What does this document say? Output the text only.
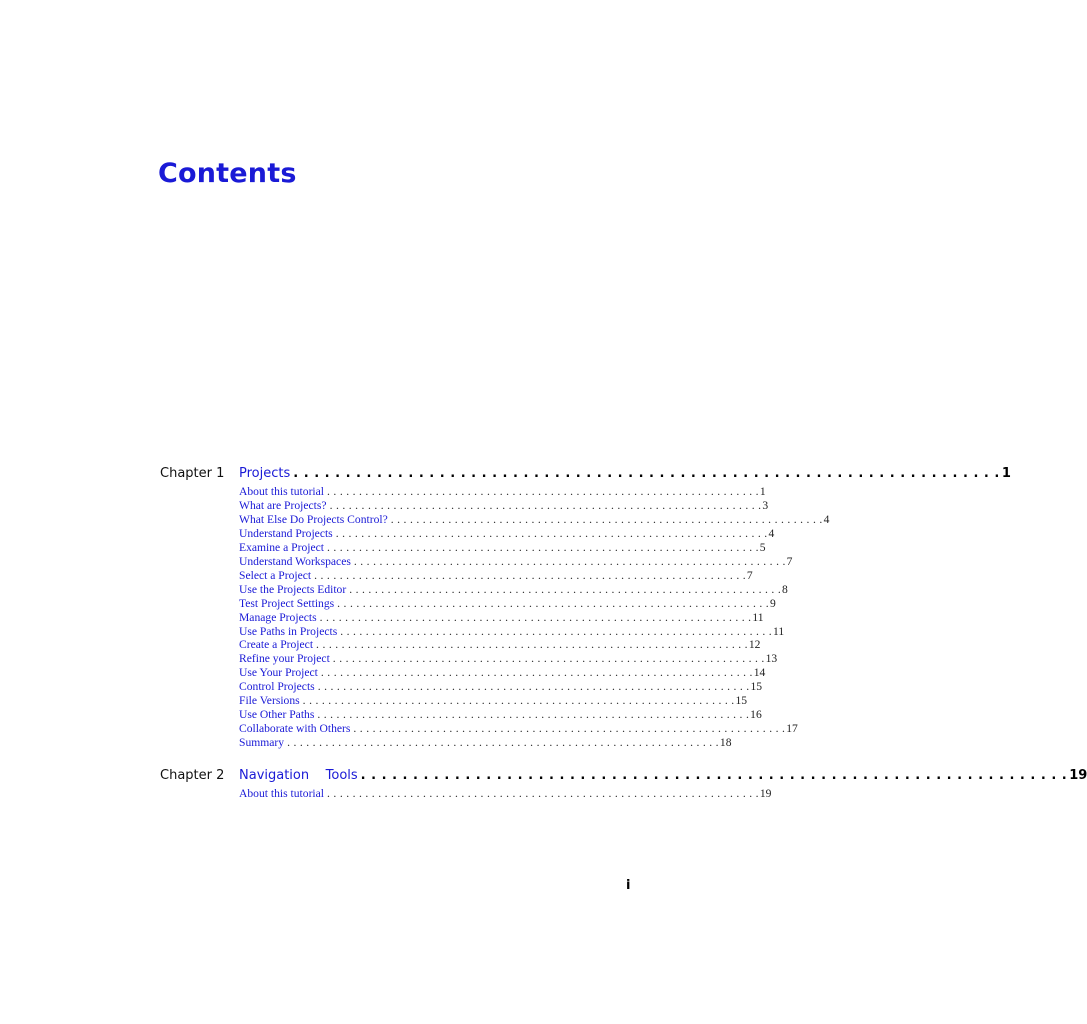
Contents
Chapter 1 Projects . . . . . . . . . . . . . . . . . . . . . . . . . . . . . . . . . . . . . . . . . . . . . . . . . . . . . . . . . . . . . . . . . . . . 1
About this tutorial . . . . . . . . . . . . . . . . . . . . . . . . . . . . . . . . . . . . . . . . . . . . . . . . . . . . . . . . . . . . . . . . . . . . 1
What are Projects? . . . . . . . . . . . . . . . . . . . . . . . . . . . . . . . . . . . . . . . . . . . . . . . . . . . . . . . . . . . . . . . . . . . . 3
What Else Do Projects Control? . . . . . . . . . . . . . . . . . . . . . . . . . . . . . . . . . . . . . . . . . . . . . . . . . . . . . . . . . . . . . . . . . . . . 4
Understand Projects . . . . . . . . . . . . . . . . . . . . . . . . . . . . . . . . . . . . . . . . . . . . . . . . . . . . . . . . . . . . . . . . . . . . 4
Examine a Project . . . . . . . . . . . . . . . . . . . . . . . . . . . . . . . . . . . . . . . . . . . . . . . . . . . . . . . . . . . . . . . . . . . . 5
Understand Workspaces . . . . . . . . . . . . . . . . . . . . . . . . . . . . . . . . . . . . . . . . . . . . . . . . . . . . . . . . . . . . . . . . . . . . 7
Select a Project . . . . . . . . . . . . . . . . . . . . . . . . . . . . . . . . . . . . . . . . . . . . . . . . . . . . . . . . . . . . . . . . . . . . 7
Use the Projects Editor . . . . . . . . . . . . . . . . . . . . . . . . . . . . . . . . . . . . . . . . . . . . . . . . . . . . . . . . . . . . . . . . . . . . 8
Test Project Settings . . . . . . . . . . . . . . . . . . . . . . . . . . . . . . . . . . . . . . . . . . . . . . . . . . . . . . . . . . . . . . . . . . . . 9
Manage Projects . . . . . . . . . . . . . . . . . . . . . . . . . . . . . . . . . . . . . . . . . . . . . . . . . . . . . . . . . . . . . . . . . . . . 11
Use Paths in Projects . . . . . . . . . . . . . . . . . . . . . . . . . . . . . . . . . . . . . . . . . . . . . . . . . . . . . . . . . . . . . . . . . . . . 11
Create a Project . . . . . . . . . . . . . . . . . . . . . . . . . . . . . . . . . . . . . . . . . . . . . . . . . . . . . . . . . . . . . . . . . . . . 12
Refine your Project . . . . . . . . . . . . . . . . . . . . . . . . . . . . . . . . . . . . . . . . . . . . . . . . . . . . . . . . . . . . . . . . . . . . 13
Use Your Project . . . . . . . . . . . . . . . . . . . . . . . . . . . . . . . . . . . . . . . . . . . . . . . . . . . . . . . . . . . . . . . . . . . . 14
Control Projects . . . . . . . . . . . . . . . . . . . . . . . . . . . . . . . . . . . . . . . . . . . . . . . . . . . . . . . . . . . . . . . . . . . . 15
File Versions . . . . . . . . . . . . . . . . . . . . . . . . . . . . . . . . . . . . . . . . . . . . . . . . . . . . . . . . . . . . . . . . . . . . 15
Use Other Paths . . . . . . . . . . . . . . . . . . . . . . . . . . . . . . . . . . . . . . . . . . . . . . . . . . . . . . . . . . . . . . . . . . . . 16
Collaborate with Others . . . . . . . . . . . . . . . . . . . . . . . . . . . . . . . . . . . . . . . . . . . . . . . . . . . . . . . . . . . . . . . . . . . . 17
Summary . . . . . . . . . . . . . . . . . . . . . . . . . . . . . . . . . . . . . . . . . . . . . . . . . . . . . . . . . . . . . . . . . . . . 18
Chapter 2 Navigation    Tools . . . . . . . . . . . . . . . . . . . . . . . . . . . . . . . . . . . . . . . . . . . . . . . . . . . . . . . . . . . . . . . . . . . . 19
About this tutorial . . . . . . . . . . . . . . . . . . . . . . . . . . . . . . . . . . . . . . . . . . . . . . . . . . . . . . . . . . . . . . . . . . . . 19
i
